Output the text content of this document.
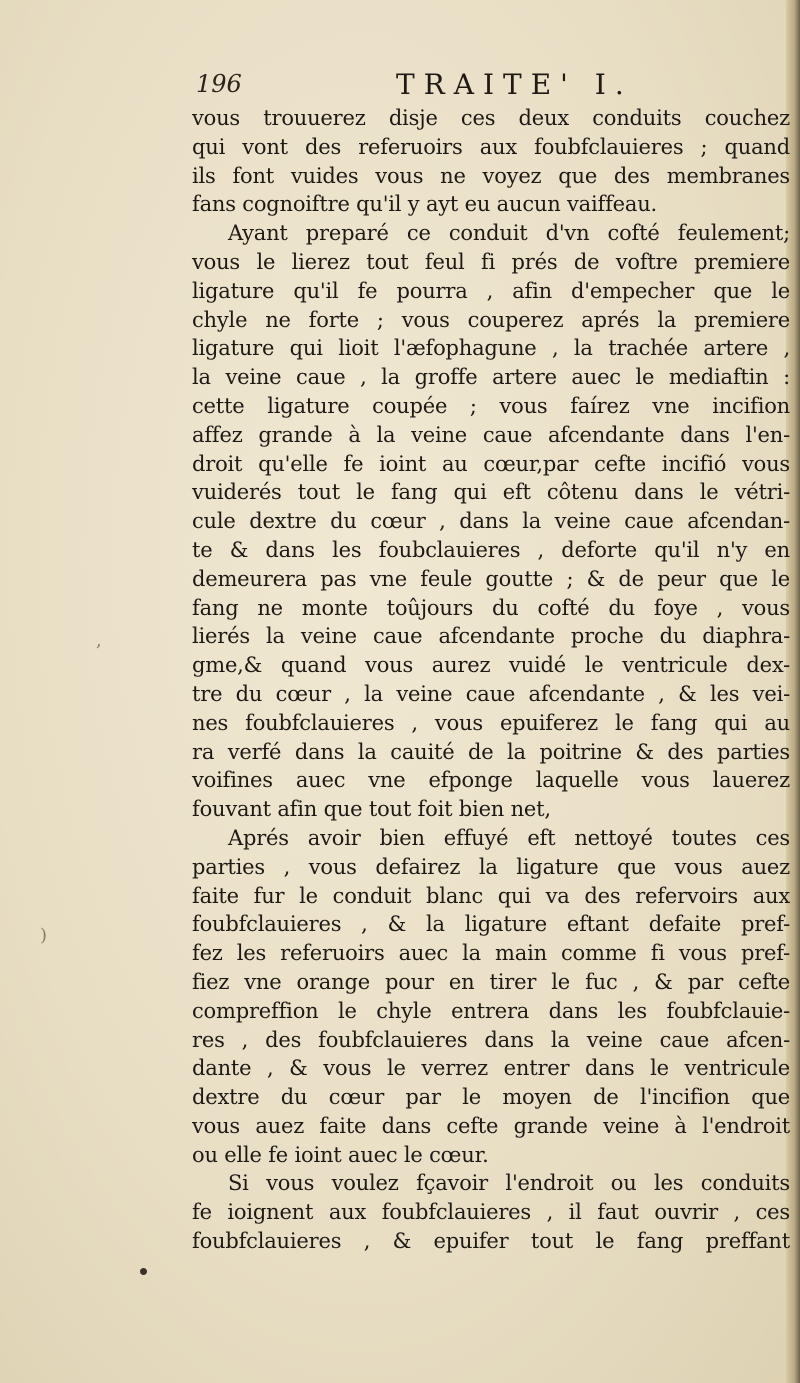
196	TRAITE' I.
vous trouuerez disje ces deux conduits couchez
qui vont des referuoirs aux foubfclauieres ; quand
ils font vuides vous ne voyez que des membranes
fans cognoiftre qu'il y ayt eu aucun vaiffeau.
Ayant preparé ce conduit d'vn cofté feulement;
vous le lierez tout feul fi prés de voftre premiere
ligature qu'il fe pourra , afin d'empecher que le
chyle ne forte ; vous couperez aprés la premiere
ligature qui lioit l'æfophagune , la trachée artere ,
la veine caue , la groffe artere auec le mediaftin :
cette ligature coupée ; vous faírez vne incifion
affez grande à la veine caue afcendante dans l'en-
droit qu'elle fe ioint au cœur,par cefte incifió vous
vuiderés tout le fang qui eft côtenu dans le vétri-
cule dextre du cœur , dans la veine caue afcendan-
te & dans les foubclauieres , deforte qu'il n'y en
demeurera pas vne feule goutte ; & de peur que le
fang ne monte toûjours du cofté du foye , vous
lierés la veine caue afcendante proche du diaphra-
gme,& quand vous aurez vuidé le ventricule dex-
tre du cœur , la veine caue afcendante , & les vei-
nes foubfclauieres , vous epuiferez le fang qui au
ra verfé dans la cauité de la poitrine & des parties
voifines auec vne efponge laquelle vous lauerez
fouvant afin que tout foit bien net,
Aprés avoir bien effuyé eft nettoyé toutes ces
parties , vous defairez la ligature que vous auez
faite fur le conduit blanc qui va des refervoirs aux
foubfclauieres , & la ligature eftant defaite pref-
fez les referuoirs auec la main comme fi vous pref-
fiez vne orange pour en tirer le fuc , & par cefte
compreffion le chyle entrera dans les foubfclauie-
res , des foubfclauieres dans la veine caue afcen-
dante , & vous le verrez entrer dans le ventricule
dextre du cœur par le moyen de l'incifion que
vous auez faite dans cefte grande veine à l'endroit
ou elle fe ioint auec le cœur.
Si vous voulez fçavoir l'endroit ou les conduits
fe ioignent aux foubfclauieres , il faut ouvrir , ces
foubfclauieres , & epuifer tout le fang preffant
,
)
